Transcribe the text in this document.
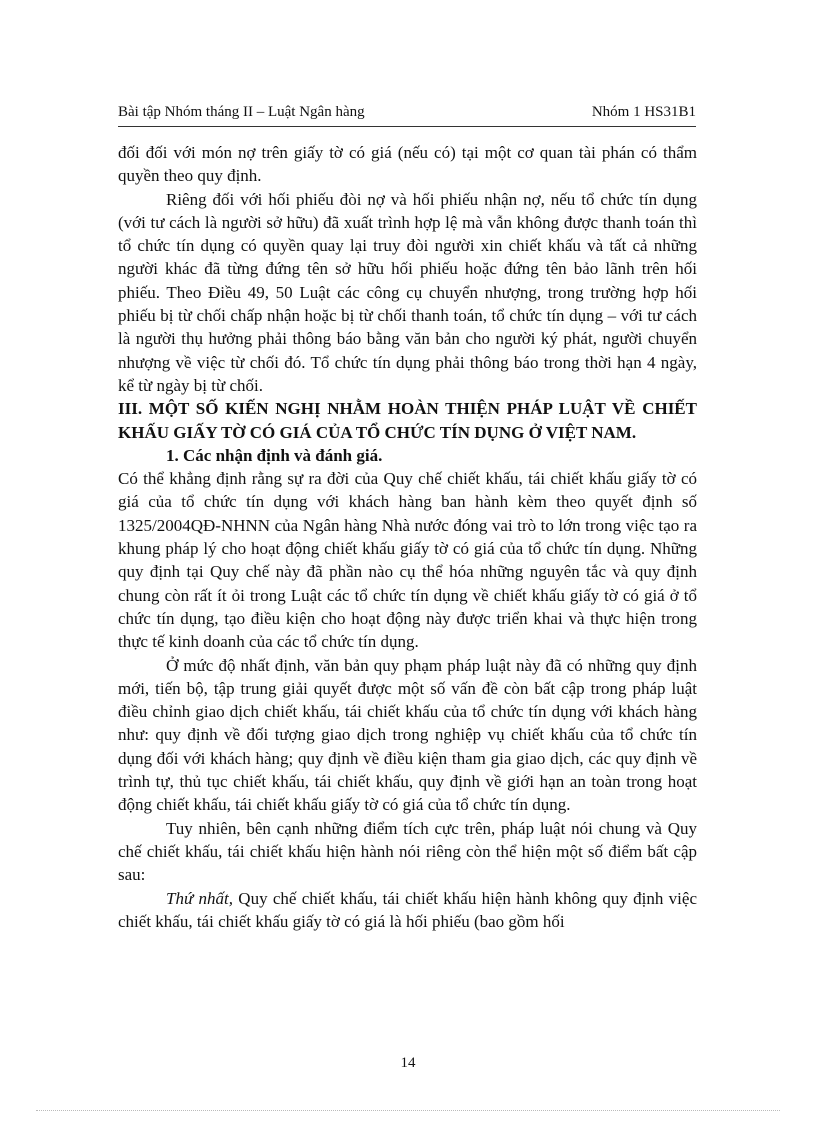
Bài tập Nhóm tháng II – Luật Ngân hàng	Nhóm 1 HS31B1

đối đối với món nợ trên giấy tờ có giá (nếu có) tại một cơ quan tài phán có thẩm quyền theo quy định.

Riêng đối với hối phiếu đòi nợ và hối phiếu nhận nợ, nếu tổ chức tín dụng (với tư cách là người sở hữu) đã xuất trình hợp lệ mà vẫn không được thanh toán thì tổ chức tín dụng có quyền quay lại truy đòi người xin chiết khấu và tất cả những người khác đã từng đứng tên sở hữu hối phiếu hoặc đứng tên bảo lãnh trên hối phiếu. Theo Điều 49, 50 Luật các công cụ chuyển nhượng, trong trường hợp hối phiếu bị từ chối chấp nhận hoặc bị từ chối thanh toán, tổ chức tín dụng – với tư cách là người thụ hưởng phải thông báo bằng văn bản cho người ký phát, người chuyển nhượng về việc từ chối đó. Tổ chức tín dụng phải thông báo trong thời hạn 4 ngày, kể từ ngày bị từ chối.

III. MỘT SỐ KIẾN NGHỊ NHẰM HOÀN THIỆN PHÁP LUẬT VỀ CHIẾT KHẤU GIẤY TỜ CÓ GIÁ CỦA TỔ CHỨC TÍN DỤNG Ở VIỆT NAM.

1. Các nhận định và đánh giá.

Có thể khẳng định rằng sự ra đời của Quy chế chiết khấu, tái chiết khấu giấy tờ có giá của tổ chức tín dụng với khách hàng ban hành kèm theo quyết định số 1325/2004QĐ-NHNN của Ngân hàng Nhà nước đóng vai trò to lớn trong việc tạo ra khung pháp lý cho hoạt động chiết khấu giấy tờ có giá của tổ chức tín dụng. Những quy định tại Quy chế này đã phần nào cụ thể hóa những nguyên tắc và quy định chung còn rất ít ỏi trong Luật các tổ chức tín dụng về chiết khấu giấy tờ có giá ở tổ chức tín dụng, tạo điều kiện cho hoạt động này được triển khai và thực hiện trong thực tế kinh doanh của các tổ chức tín dụng.

Ở mức độ nhất định, văn bản quy phạm pháp luật này đã có những quy định mới, tiến bộ, tập trung giải quyết được một số vấn đề còn bất cập trong pháp luật điều chỉnh giao dịch chiết khấu, tái chiết khấu của tổ chức tín dụng với khách hàng như: quy định về đối tượng giao dịch trong nghiệp vụ chiết khấu của tổ chức tín dụng đối với khách hàng; quy định về điều kiện tham gia giao dịch, các quy định về trình tự, thủ tục chiết khấu, tái chiết khấu, quy định về giới hạn an toàn trong hoạt động chiết khấu, tái chiết khấu giấy tờ có giá của tổ chức tín dụng.

Tuy nhiên, bên cạnh những điểm tích cực trên, pháp luật nói chung và Quy chế chiết khấu, tái chiết khấu hiện hành nói riêng còn thể hiện một số điểm bất cập sau:

Thứ nhất, Quy chế chiết khấu, tái chiết khấu hiện hành không quy định việc chiết khấu, tái chiết khấu giấy tờ có giá là hối phiếu (bao gồm hối

14
